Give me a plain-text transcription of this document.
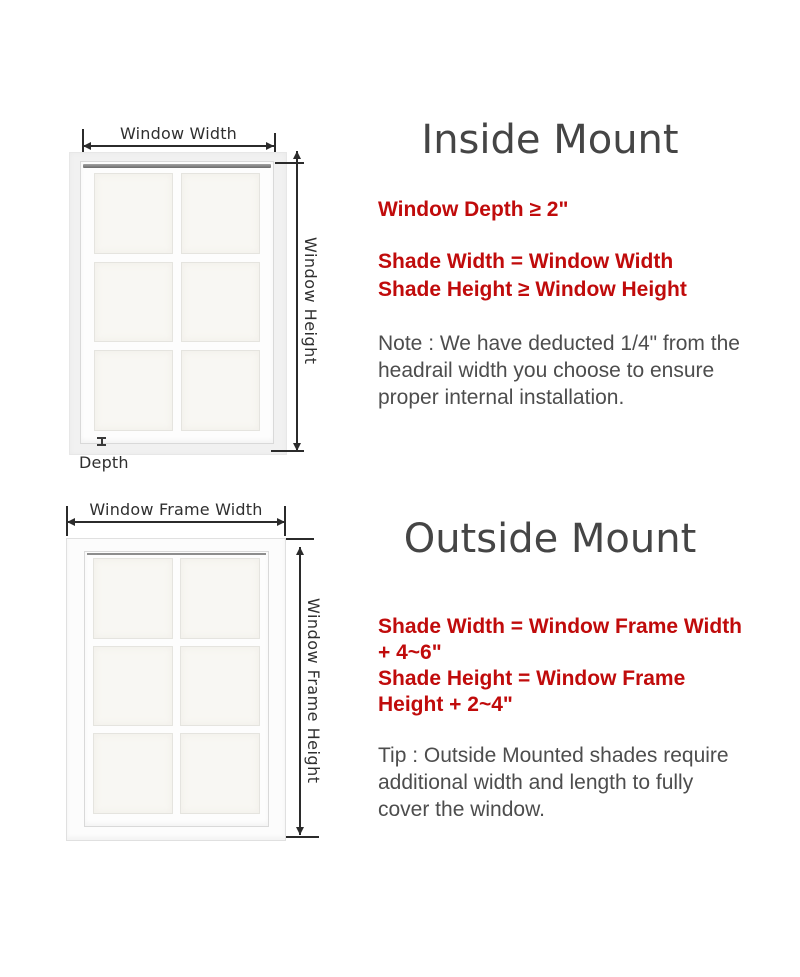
Window Width
Depth
Window Height
Inside Mount
Window Depth ≥ 2"
Shade Width = Window Width
Shade Height ≥ Window Height
Note : We have deducted 1/4" from the
headrail width you choose to ensure
proper internal installation.
Window Frame Width
Window Frame Height
Outside Mount
Shade Width = Window Frame Width
+ 4~6"
Shade Height = Window Frame
Height + 2~4"
Tip : Outside Mounted shades require
additional width and length to fully
cover the window.
